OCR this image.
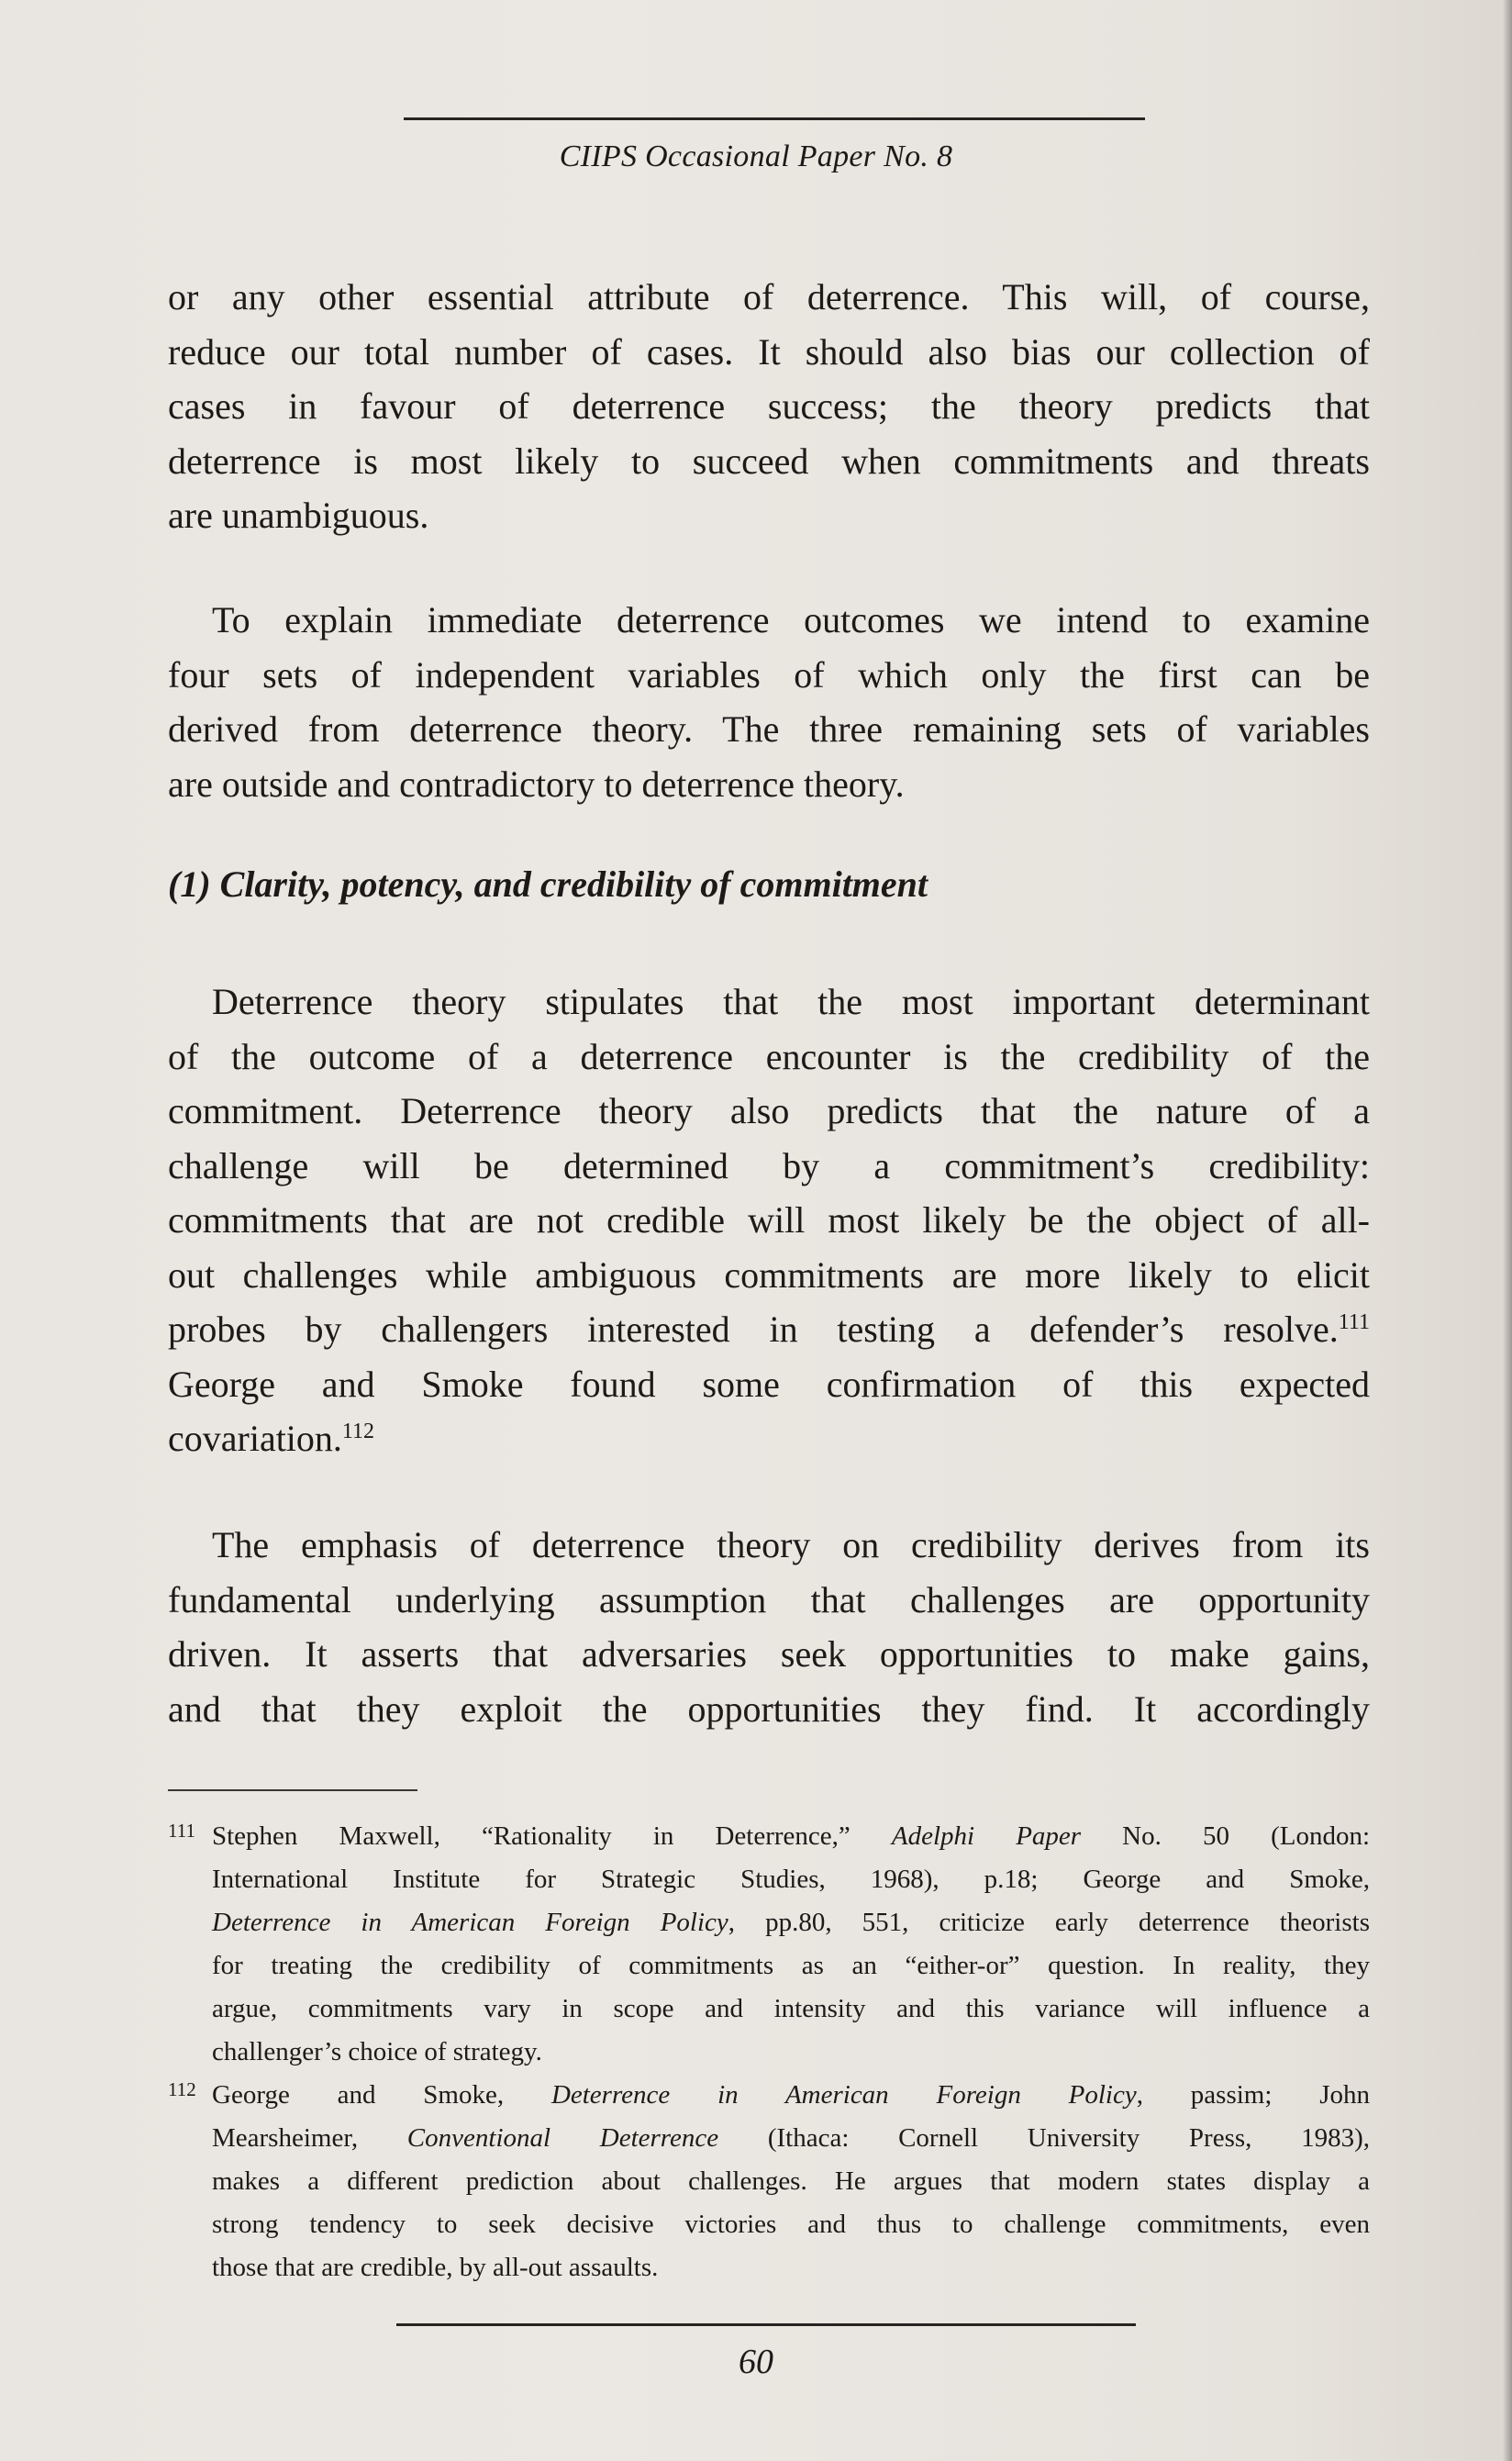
CIIPS Occasional Paper No. 8
or any other essential attribute of deterrence. This will, of course,
reduce our total number of cases. It should also bias our collection of
cases in favour of deterrence success; the theory predicts that
deterrence is most likely to succeed when commitments and threats
are unambiguous.
To explain immediate deterrence outcomes we intend to examine
four sets of independent variables of which only the first can be
derived from deterrence theory. The three remaining sets of variables
are outside and contradictory to deterrence theory.
(1) Clarity, potency, and credibility of commitment
Deterrence theory stipulates that the most important determinant
of the outcome of a deterrence encounter is the credibility of the
commitment. Deterrence theory also predicts that the nature of a
challenge will be determined by a commitment’s credibility:
commitments that are not credible will most likely be the object of all-
out challenges while ambiguous commitments are more likely to elicit
probes by challengers interested in testing a defender’s resolve.$^{111}$
George and Smoke found some confirmation of this expected
covariation.$^{112}$
The emphasis of deterrence theory on credibility derives from its
fundamental underlying assumption that challenges are opportunity
driven. It asserts that adversaries seek opportunities to make gains,
and that they exploit the opportunities they find. It accordingly
111 Stephen Maxwell, “Rationality in Deterrence,” Adelphi Paper No. 50 (London:
International Institute for Strategic Studies, 1968), p.18; George and Smoke,
Deterrence in American Foreign Policy, pp.80, 551, criticize early deterrence theorists
for treating the credibility of commitments as an “either-or” question. In reality, they
argue, commitments vary in scope and intensity and this variance will influence a
challenger’s choice of strategy.
112 George and Smoke, Deterrence in American Foreign Policy, passim; John
Mearsheimer, Conventional Deterrence (Ithaca: Cornell University Press, 1983),
makes a different prediction about challenges. He argues that modern states display a
strong tendency to seek decisive victories and thus to challenge commitments, even
those that are credible, by all-out assaults.
60
